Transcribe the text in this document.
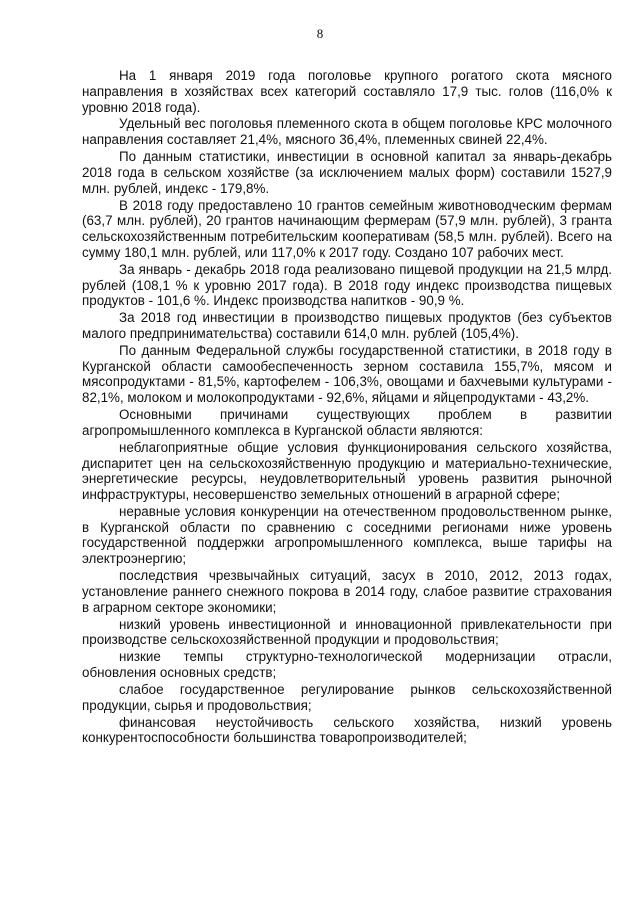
8

На 1 января 2019 года поголовье крупного рогатого скота мясного направления в хозяйствах всех категорий составляло 17,9 тыс. голов (116,0% к уровню 2018 года).

Удельный вес поголовья племенного скота в общем поголовье КРС молочного направления составляет 21,4%, мясного 36,4%, племенных свиней 22,4%.

По данным статистики, инвестиции в основной капитал за январь-декабрь 2018 года в сельском хозяйстве (за исключением малых форм) составили 1527,9 млн. рублей, индекс - 179,8%.

В 2018 году предоставлено 10 грантов семейным животноводческим фермам (63,7 млн. рублей), 20 грантов начинающим фермерам (57,9 млн. рублей), 3 гранта сельскохозяйственным потребительским кооперативам (58,5 млн. рублей). Всего на сумму 180,1 млн. рублей, или 117,0% к 2017 году. Создано 107 рабочих мест.

За январь - декабрь 2018 года реализовано пищевой продукции на 21,5 млрд. рублей (108,1 % к уровню 2017 года). В 2018 году индекс производства пищевых продуктов - 101,6 %. Индекс производства напитков - 90,9 %.

За 2018 год инвестиции в производство пищевых продуктов (без субъектов малого предпринимательства) составили 614,0 млн. рублей (105,4%).

По данным Федеральной службы государственной статистики, в 2018 году в Курганской области самообеспеченность зерном составила 155,7%, мясом и мясопродуктами - 81,5%, картофелем - 106,3%, овощами и бахчевыми культурами - 82,1%, молоком и молокопродуктами - 92,6%, яйцами и яйцепродуктами - 43,2%.

Основными причинами существующих проблем в развитии агропромышленного комплекса в Курганской области являются:

неблагоприятные общие условия функционирования сельского хозяйства, диспаритет цен на сельскохозяйственную продукцию и материально-технические, энергетические ресурсы, неудовлетворительный уровень развития рыночной инфраструктуры, несовершенство земельных отношений в аграрной сфере;

неравные условия конкуренции на отечественном продовольственном рынке, в Курганской области по сравнению с соседними регионами ниже уровень государственной поддержки агропромышленного комплекса, выше тарифы на электроэнергию;

последствия чрезвычайных ситуаций, засух в 2010, 2012, 2013 годах, установление раннего снежного покрова в 2014 году, слабое развитие страхования в аграрном секторе экономики;

низкий уровень инвестиционной и инновационной привлекательности при производстве сельскохозяйственной продукции и продовольствия;

низкие темпы структурно-технологической модернизации отрасли, обновления основных средств;

слабое государственное регулирование рынков сельскохозяйственной продукции, сырья и продовольствия;

финансовая неустойчивость сельского хозяйства, низкий уровень конкурентоспособности большинства товаропроизводителей;
